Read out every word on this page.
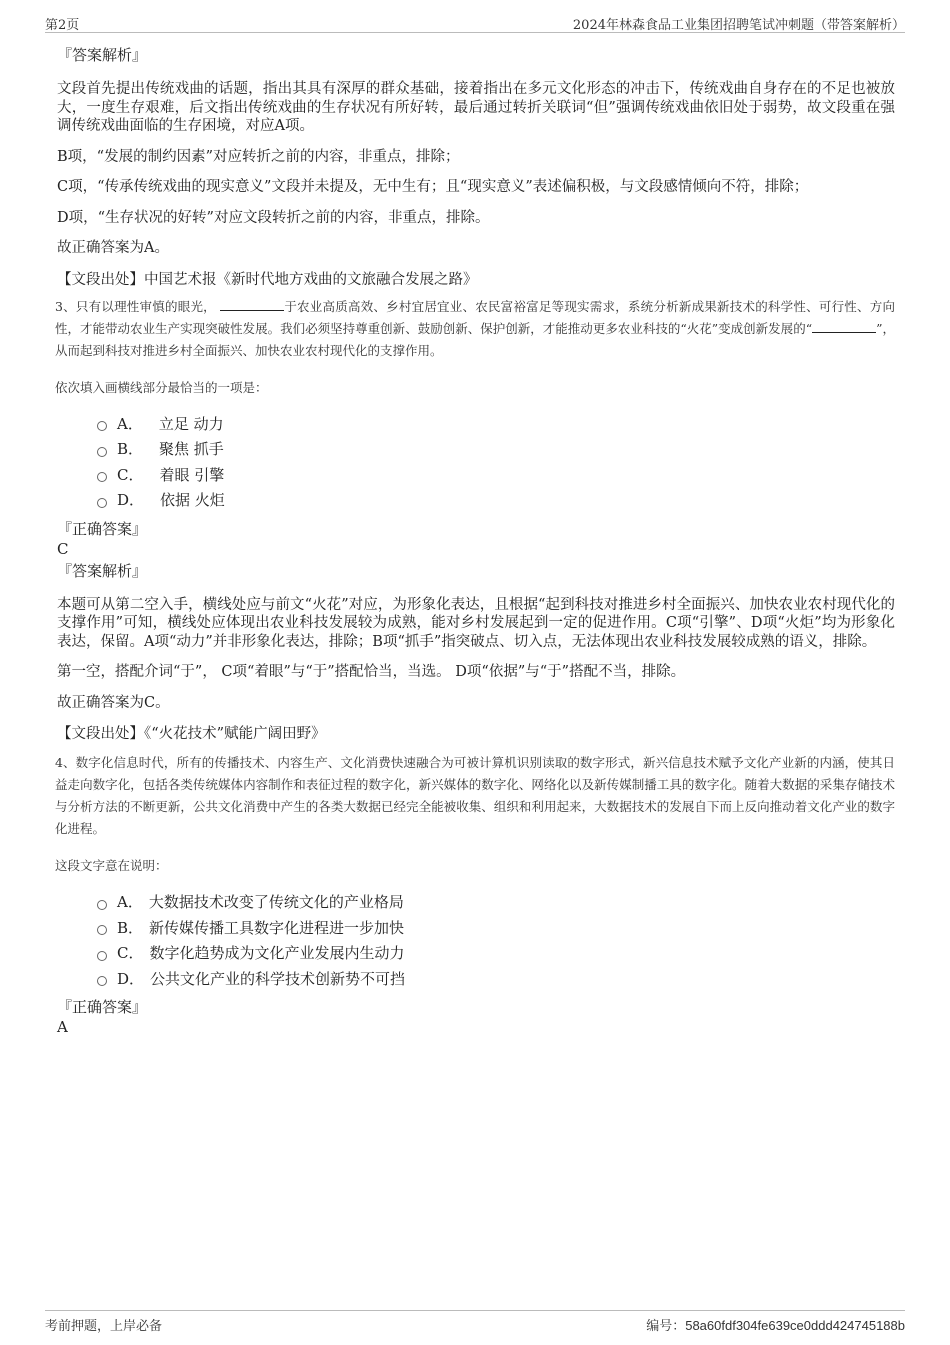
第2页	2024年林森食品工业集团招聘笔试冲刺题（带答案解析）
『答案解析』

文段首先提出传统戏曲的话题，指出其具有深厚的群众基础，接着指出在多元文化形态的冲击下，传统戏曲自身存在的不足也被放大，一度生存艰难，后文指出传统戏曲的生存状况有所好转，最后通过转折关联词“但”强调传统戏曲依旧处于弱势，故文段重在强调传统戏曲面临的生存困境，对应A项。

B项，“发展的制约因素”对应转折之前的内容，非重点，排除；

C项，“传承传统戏曲的现实意义”文段并未提及，无中生有；且“现实意义”表述偏积极，与文段感情倾向不符，排除；

D项，“生存状况的好转”对应文段转折之前的内容，非重点，排除。

故正确答案为A。

【文段出处】中国艺术报《新时代地方戏曲的文旅融合发展之路》

3、只有以理性审慎的眼光，	于农业高质高效、乡村宜居宜业、农民富裕富足等现实需求，系统分析新成果新技术的科学性、可行性、方向性，才能带动农业生产实现突破性发展。我们必须坚持尊重创新、鼓励创新、保护创新，才能推动更多农业科技的“火花”变成创新发展的“	”，从而起到科技对推进乡村全面振兴、加快农业农村现代化的支撑作用。

依次填入画横线部分最恰当的一项是：

A． 立足 动力
B． 聚焦 抓手
C． 着眼 引擎
D． 依据 火炬
『正确答案』
C
『答案解析』

本题可从第二空入手，横线处应与前文“火花”对应，为形象化表达，且根据“起到科技对推进乡村全面振兴、加快农业农村现代化的支撑作用”可知，横线处应体现出农业科技发展较为成熟，能对乡村发展起到一定的促进作用。C项“引擎”、D项“火炬”均为形象化表达，保留。A项“动力”并非形象化表达，排除；B项“抓手”指突破点、切入点，无法体现出农业科技发展较成熟的语义，排除。

第一空，搭配介词“于”， C项“着眼”与“于”搭配恰当，当选。 D项“依据”与“于”搭配不当，排除。

故正确答案为C。

【文段出处】《“火花技术”赋能广阔田野》

4、数字化信息时代，所有的传播技术、内容生产、文化消费快速融合为可被计算机识别读取的数字形式，新兴信息技术赋予文化产业新的内涵，使其日益走向数字化，包括各类传统媒体内容制作和表征过程的数字化，新兴媒体的数字化、网络化以及新传媒制播工具的数字化。随着大数据的采集存储技术与分析方法的不断更新，公共文化消费中产生的各类大数据已经完全能被收集、组织和利用起来，大数据技术的发展自下而上反向推动着文化产业的数字化进程。

这段文字意在说明：

A． 大数据技术改变了传统文化的产业格局
B． 新传媒传播工具数字化进程进一步加快
C． 数字化趋势成为文化产业发展内生动力
D． 公共文化产业的科学技术创新势不可挡
『正确答案』
A
考前押题，上岸必备	编号：58a60fdf304fe639ce0ddd424745188b
